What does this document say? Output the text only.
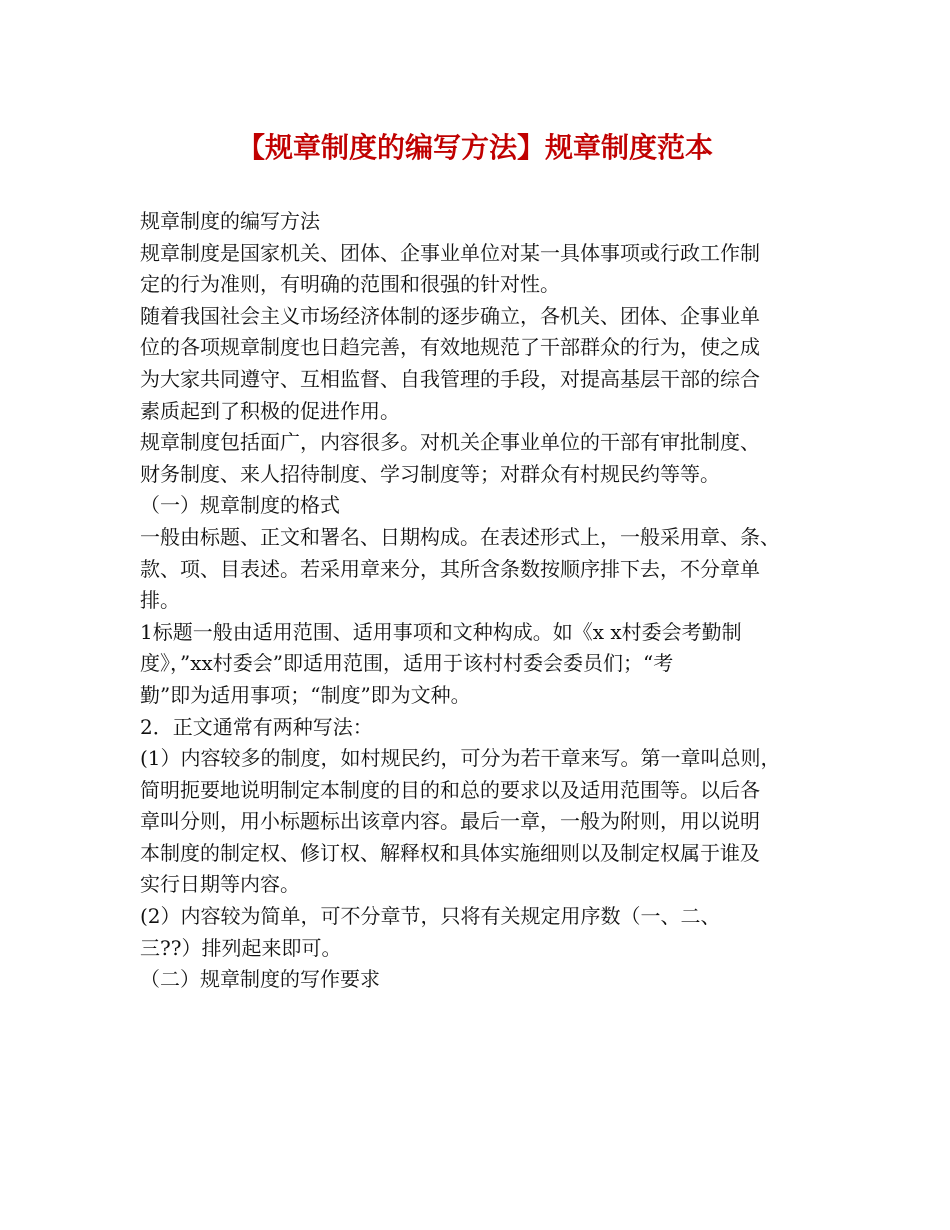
【规章制度的编写方法】规章制度范本
规章制度的编写方法
规章制度是国家机关、团体、企事业单位对某一具体事项或行政工作制
定的行为准则，有明确的范围和很强的针对性。
随着我国社会主义市场经济体制的逐步确立，各机关、团体、企事业单
位的各项规章制度也日趋完善，有效地规范了干部群众的行为，使之成
为大家共同遵守、互相监督、自我管理的手段，对提高基层干部的综合
素质起到了积极的促进作用。
规章制度包括面广，内容很多。对机关企事业单位的干部有审批制度、
财务制度、来人招待制度、学习制度等；对群众有村规民约等等。
（一）规章制度的格式
一般由标题、正文和署名、日期构成。在表述形式上，一般采用章、条、
款、项、目表述。若采用章来分，其所含条数按顺序排下去，不分章单
排。
1标题一般由适用范围、适用事项和文种构成。如《x x村委会考勤制
度》，”xx村委会”即适用范围，适用于该村村委会委员们；“考
勤”即为适用事项；“制度”即为文种。
2．正文通常有两种写法：
(1）内容较多的制度，如村规民约，可分为若干章来写。第一章叫总则，
简明扼要地说明制定本制度的目的和总的要求以及适用范围等。以后各
章叫分则，用小标题标出该章内容。最后一章，一般为附则，用以说明
本制度的制定权、修订权、解释权和具体实施细则以及制定权属于谁及
实行日期等内容。
(2）内容较为简单，可不分章节，只将有关规定用序数（一、二、
三??）排列起来即可。
（二）规章制度的写作要求
